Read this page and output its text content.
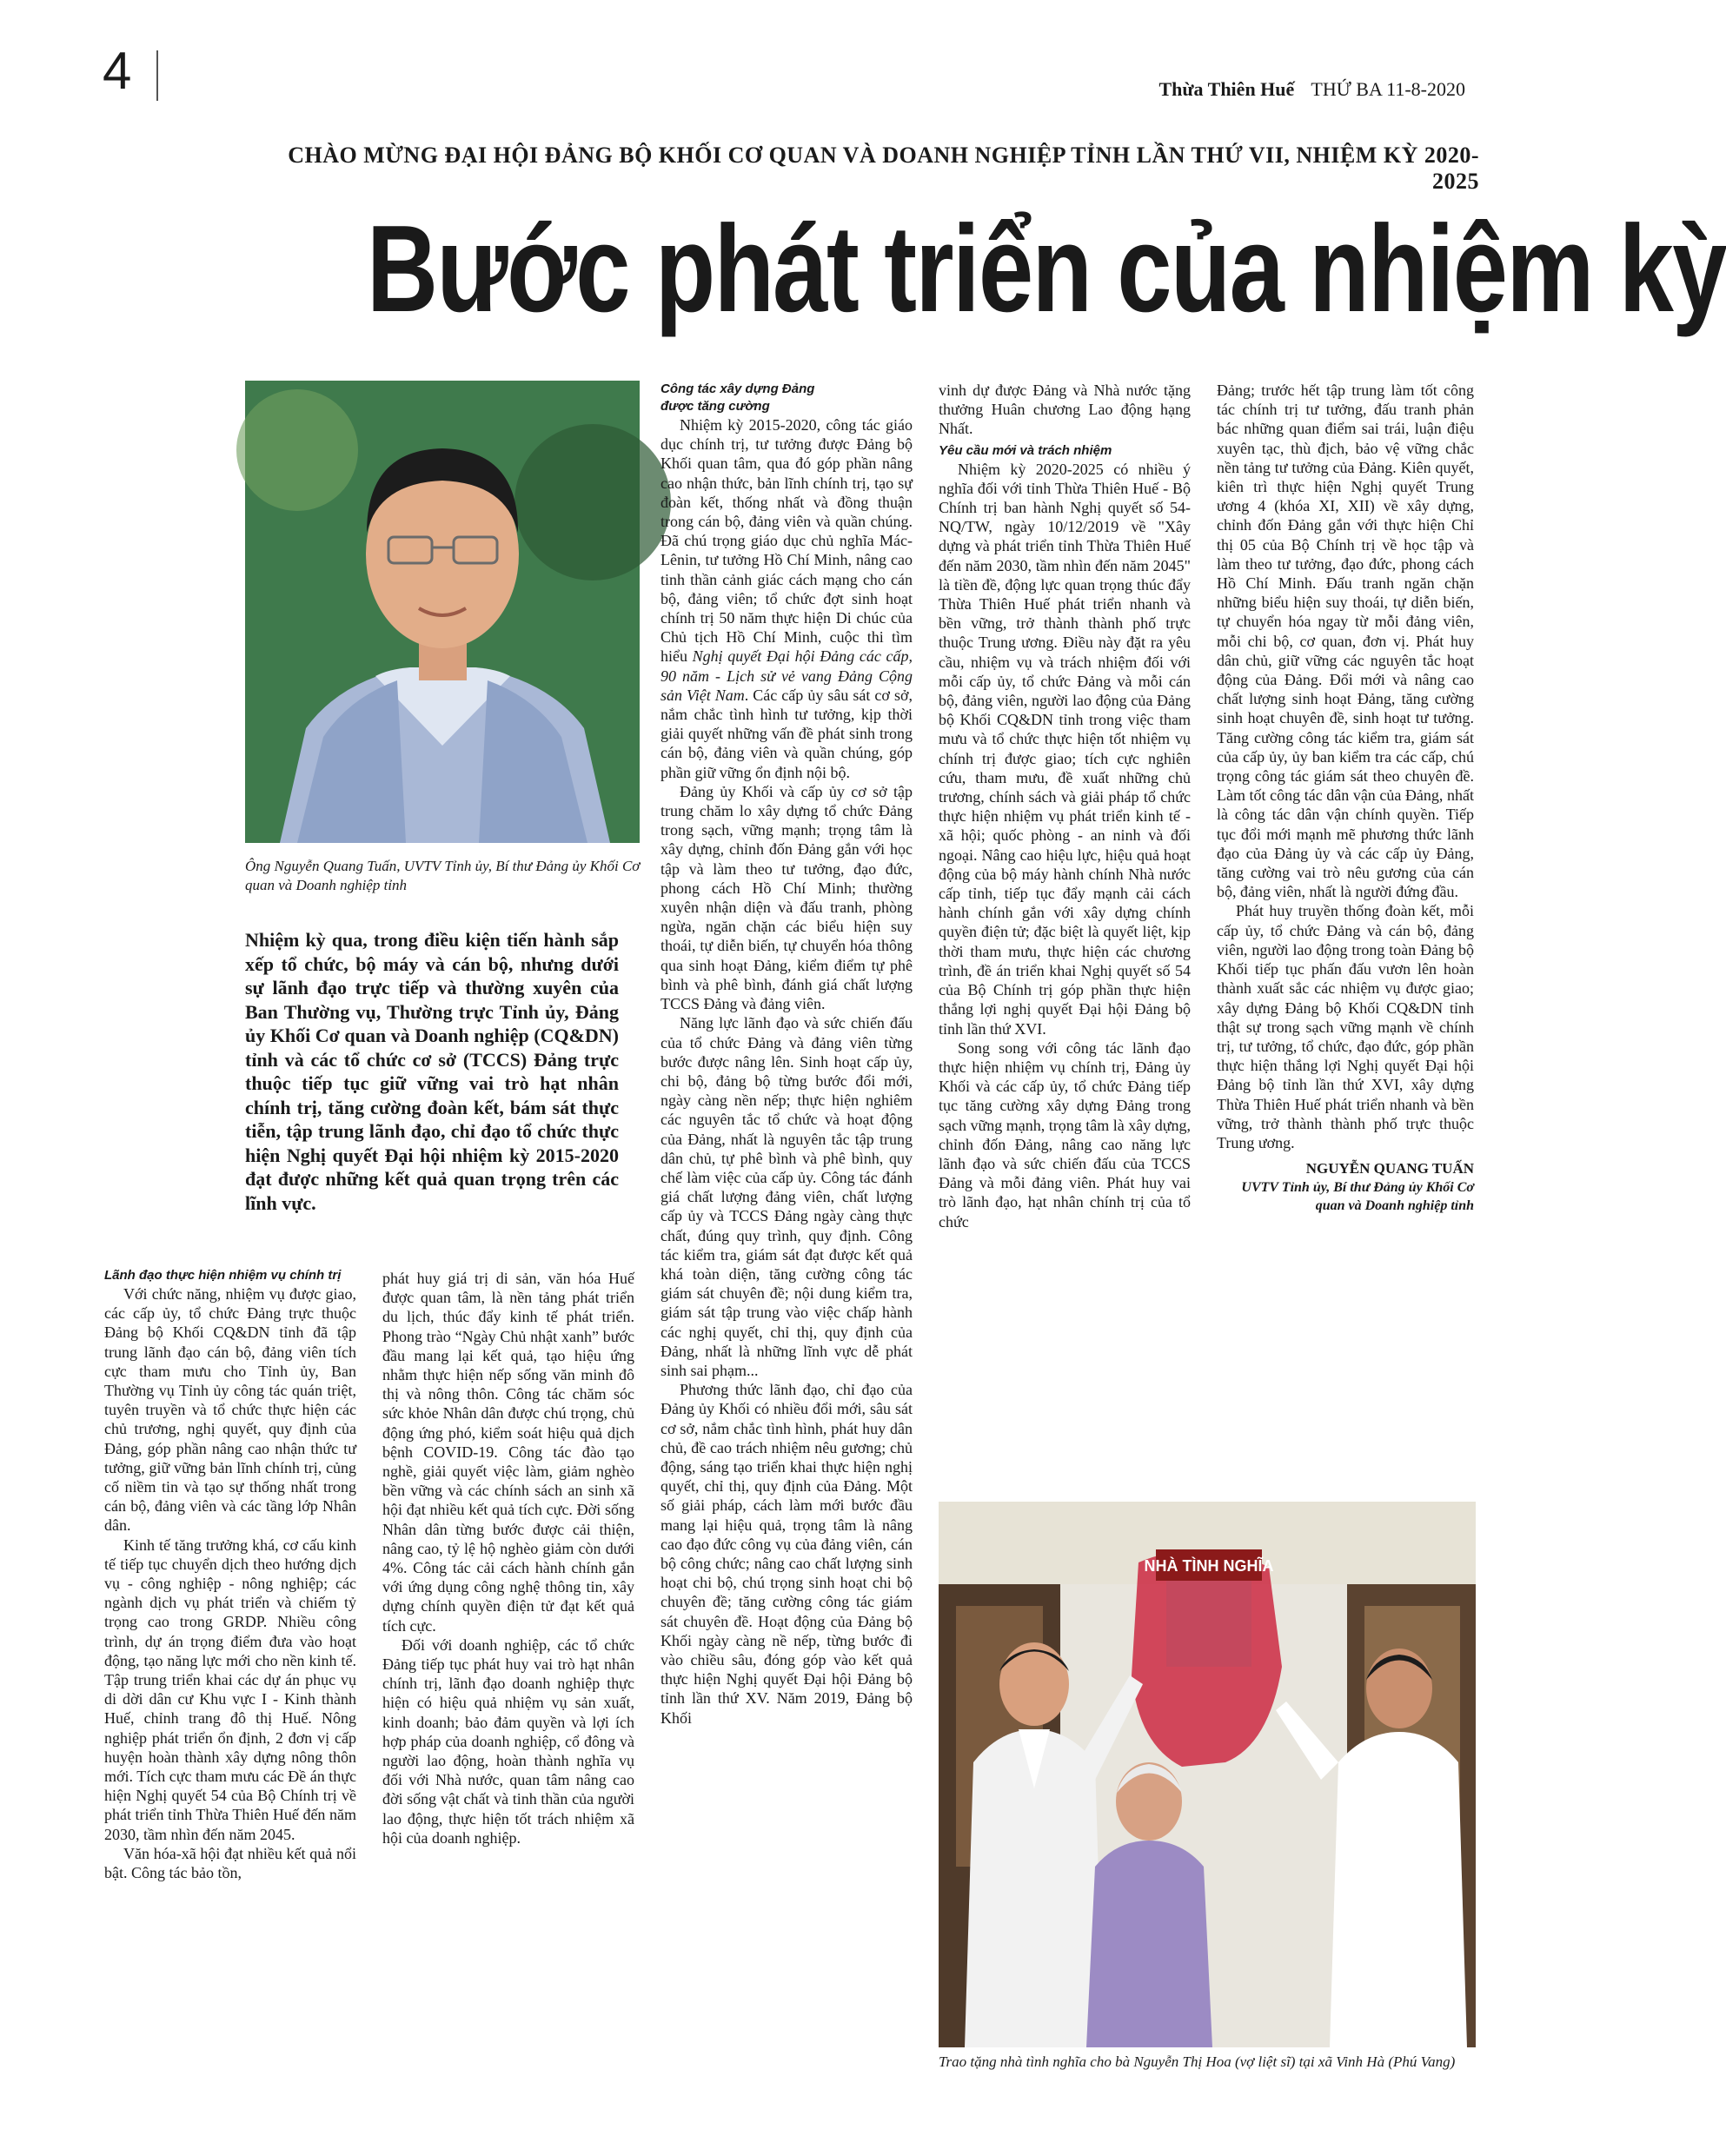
4	Thừa Thiên Huế THỨ BA 11-8-2020
CHÀO MỪNG ĐẠI HỘI ĐẢNG BỘ KHỐI CƠ QUAN VÀ DOANH NGHIỆP TỈNH LẦN THỨ VII, NHIỆM KỲ 2020-2025
Bước phát triển của nhiệm kỳ
Ông Nguyễn Quang Tuấn, UVTV Tỉnh ủy, Bí thư Đảng ủy Khối Cơ quan và Doanh nghiệp tỉnh
Nhiệm kỳ qua, trong điều kiện tiến hành sắp xếp tổ chức, bộ máy và cán bộ, nhưng dưới sự lãnh đạo trực tiếp và thường xuyên của Ban Thường vụ, Thường trực Tỉnh ủy, Đảng ủy Khối Cơ quan và Doanh nghiệp (CQ&DN) tỉnh và các tổ chức cơ sở (TCCS) Đảng trực thuộc tiếp tục giữ vững vai trò hạt nhân chính trị, tăng cường đoàn kết, bám sát thực tiễn, tập trung lãnh đạo, chỉ đạo tổ chức thực hiện Nghị quyết Đại hội nhiệm kỳ 2015-2020 đạt được những kết quả quan trọng trên các lĩnh vực.
Lãnh đạo thực hiện nhiệm vụ chính trị

Với chức năng, nhiệm vụ được giao, các cấp ủy, tổ chức Đảng trực thuộc Đảng bộ Khối CQ&DN tỉnh đã tập trung lãnh đạo cán bộ, đảng viên tích cực tham mưu cho Tỉnh ủy, Ban Thường vụ Tỉnh ủy công tác quán triệt, tuyên truyền và tổ chức thực hiện các chủ trương, nghị quyết, quy định của Đảng, góp phần nâng cao nhận thức tư tưởng, giữ vững bản lĩnh chính trị, củng cố niềm tin và tạo sự thống nhất trong cán bộ, đảng viên và các tầng lớp Nhân dân.

Kinh tế tăng trưởng khá, cơ cấu kinh tế tiếp tục chuyển dịch theo hướng dịch vụ - công nghiệp - nông nghiệp; các ngành dịch vụ phát triển và chiếm tỷ trọng cao trong GRDP. Nhiều công trình, dự án trọng điểm đưa vào hoạt động, tạo năng lực mới cho nền kinh tế. Tập trung triển khai các dự án phục vụ di dời dân cư Khu vực I - Kinh thành Huế, chỉnh trang đô thị Huế. Nông nghiệp phát triển ổn định, 2 đơn vị cấp huyện hoàn thành xây dựng nông thôn mới. Tích cực tham mưu các Đề án thực hiện Nghị quyết 54 của Bộ Chính trị về phát triển tỉnh Thừa Thiên Huế đến năm 2030, tầm nhìn đến năm 2045.

Văn hóa-xã hội đạt nhiều kết quả nổi bật. Công tác bảo tồn,

phát huy giá trị di sản, văn hóa Huế được quan tâm, là nền tảng phát triển du lịch, thúc đẩy kinh tế phát triển. Phong trào “Ngày Chủ nhật xanh” bước đầu mang lại kết quả, tạo hiệu ứng nhằm thực hiện nếp sống văn minh đô thị và nông thôn. Công tác chăm sóc sức khỏe Nhân dân được chú trọng, chủ động ứng phó, kiểm soát hiệu quả dịch bệnh COVID-19. Công tác đào tạo nghề, giải quyết việc làm, giảm nghèo bền vững và các chính sách an sinh xã hội đạt nhiều kết quả tích cực. Đời sống Nhân dân từng bước được cải thiện, nâng cao, tỷ lệ hộ nghèo giảm còn dưới 4%. Công tác cải cách hành chính gắn với ứng dụng công nghệ thông tin, xây dựng chính quyền điện tử đạt kết quả tích cực.

Đối với doanh nghiệp, các tổ chức Đảng tiếp tục phát huy vai trò hạt nhân chính trị, lãnh đạo doanh nghiệp thực hiện có hiệu quả nhiệm vụ sản xuất, kinh doanh; bảo đảm quyền và lợi ích hợp pháp của doanh nghiệp, cổ đông và người lao động, hoàn thành nghĩa vụ đối với Nhà nước, quan tâm nâng cao đời sống vật chất và tinh thần của người lao động, thực hiện tốt trách nhiệm xã hội của doanh nghiệp.

Công tác xây dựng Đảng
được tăng cường

Nhiệm kỳ 2015-2020, công tác giáo dục chính trị, tư tưởng được Đảng bộ Khối quan tâm, qua đó góp phần nâng cao nhận thức, bản lĩnh chính trị, tạo sự đoàn kết, thống nhất và đồng thuận trong cán bộ, đảng viên và quần chúng. Đã chú trọng giáo dục chủ nghĩa Mác-Lênin, tư tưởng Hồ Chí Minh, nâng cao tinh thần cảnh giác cách mạng cho cán bộ, đảng viên; tổ chức đợt sinh hoạt chính trị 50 năm thực hiện Di chúc của Chủ tịch Hồ Chí Minh, cuộc thi tìm hiểu Nghị quyết Đại hội Đảng các cấp, 90 năm - Lịch sử vẻ vang Đảng Cộng sản Việt Nam. Các cấp ủy sâu sát cơ sở, nắm chắc tình hình tư tưởng, kịp thời giải quyết những vấn đề phát sinh trong cán bộ, đảng viên và quần chúng, góp phần giữ vững ổn định nội bộ.

Đảng ủy Khối và cấp ủy cơ sở tập trung chăm lo xây dựng tổ chức Đảng trong sạch, vững mạnh; trọng tâm là xây dựng, chỉnh đốn Đảng gắn với học tập và làm theo tư tưởng, đạo đức, phong cách Hồ Chí Minh; thường xuyên nhận diện và đấu tranh, phòng ngừa, ngăn chặn các biểu hiện suy thoái, tự diễn biến, tự chuyển hóa thông qua sinh hoạt Đảng, kiểm điểm tự phê bình và phê bình, đánh giá chất lượng TCCS Đảng và đảng viên.

Năng lực lãnh đạo và sức chiến đấu của tổ chức Đảng và đảng viên từng bước được nâng lên. Sinh hoạt cấp ủy, chi bộ, đảng bộ từng bước đổi mới, ngày càng nền nếp; thực hiện nghiêm các nguyên tắc tổ chức và hoạt động của Đảng, nhất là nguyên tắc tập trung dân chủ, tự phê bình và phê bình, quy chế làm việc của cấp ủy. Công tác đánh giá chất lượng đảng viên, chất lượng cấp ủy và TCCS Đảng ngày càng thực chất, đúng quy trình, quy định. Công tác kiểm tra, giám sát đạt được kết quả khá toàn diện, tăng cường công tác giám sát chuyên đề; nội dung kiểm tra, giám sát tập trung vào việc chấp hành các nghị quyết, chỉ thị, quy định của Đảng, nhất là những lĩnh vực dễ phát sinh sai phạm...

Phương thức lãnh đạo, chỉ đạo của Đảng ủy Khối có nhiều đổi mới, sâu sát cơ sở, nắm chắc tình hình, phát huy dân chủ, đề cao trách nhiệm nêu gương; chủ động, sáng tạo triển khai thực hiện nghị quyết, chỉ thị, quy định của Đảng. Một số giải pháp, cách làm mới bước đầu mang lại hiệu quả, trọng tâm là nâng cao đạo đức công vụ của đảng viên, cán bộ công chức; nâng cao chất lượng sinh hoạt chi bộ, chú trọng sinh hoạt chi bộ chuyên đề; tăng cường công tác giám sát chuyên đề. Hoạt động của Đảng bộ Khối ngày càng nề nếp, từng bước đi vào chiều sâu, đóng góp vào kết quả thực hiện Nghị quyết Đại hội Đảng bộ tỉnh lần thứ XV. Năm 2019, Đảng bộ Khối

vinh dự được Đảng và Nhà nước tặng thưởng Huân chương Lao động hạng Nhất.

Yêu cầu mới và trách nhiệm

Nhiệm kỳ 2020-2025 có nhiều ý nghĩa đối với tỉnh Thừa Thiên Huế - Bộ Chính trị ban hành Nghị quyết số 54-NQ/TW, ngày 10/12/2019 về "Xây dựng và phát triển tỉnh Thừa Thiên Huế đến năm 2030, tầm nhìn đến năm 2045" là tiền đề, động lực quan trọng thúc đẩy Thừa Thiên Huế phát triển nhanh và bền vững, trở thành thành phố trực thuộc Trung ương. Điều này đặt ra yêu cầu, nhiệm vụ và trách nhiệm đối với mỗi cấp ủy, tổ chức Đảng và mỗi cán bộ, đảng viên, người lao động của Đảng bộ Khối CQ&DN tỉnh trong việc tham mưu và tổ chức thực hiện tốt nhiệm vụ chính trị được giao; tích cực nghiên cứu, tham mưu, đề xuất những chủ trương, chính sách và giải pháp tổ chức thực hiện nhiệm vụ phát triển kinh tế - xã hội; quốc phòng - an ninh và đối ngoại. Nâng cao hiệu lực, hiệu quả hoạt động của bộ máy hành chính Nhà nước cấp tỉnh, tiếp tục đẩy mạnh cải cách hành chính gắn với xây dựng chính quyền điện tử; đặc biệt là quyết liệt, kịp thời tham mưu, thực hiện các chương trình, đề án triển khai Nghị quyết số 54 của Bộ Chính trị góp phần thực hiện thắng lợi nghị quyết Đại hội Đảng bộ tỉnh lần thứ XVI.

Song song với công tác lãnh đạo thực hiện nhiệm vụ chính trị, Đảng ủy Khối và các cấp ủy, tổ chức Đảng tiếp tục tăng cường xây dựng Đảng trong sạch vững mạnh, trọng tâm là xây dựng, chỉnh đốn Đảng, nâng cao năng lực lãnh đạo và sức chiến đấu của TCCS Đảng và mỗi đảng viên. Phát huy vai trò lãnh đạo, hạt nhân chính trị của tổ chức

Đảng; trước hết tập trung làm tốt công tác chính trị tư tưởng, đấu tranh phản bác những quan điểm sai trái, luận điệu xuyên tạc, thù địch, bảo vệ vững chắc nền tảng tư tưởng của Đảng. Kiên quyết, kiên trì thực hiện Nghị quyết Trung ương 4 (khóa XI, XII) về xây dựng, chỉnh đốn Đảng gắn với thực hiện Chỉ thị 05 của Bộ Chính trị về học tập và làm theo tư tưởng, đạo đức, phong cách Hồ Chí Minh. Đấu tranh ngăn chặn những biểu hiện suy thoái, tự diễn biến, tự chuyển hóa ngay từ mỗi đảng viên, mỗi chi bộ, cơ quan, đơn vị. Phát huy dân chủ, giữ vững các nguyên tắc hoạt động của Đảng. Đổi mới và nâng cao chất lượng sinh hoạt Đảng, tăng cường sinh hoạt chuyên đề, sinh hoạt tư tưởng. Tăng cường công tác kiểm tra, giám sát của cấp ủy, ủy ban kiểm tra các cấp, chú trọng công tác giám sát theo chuyên đề. Làm tốt công tác dân vận của Đảng, nhất là công tác dân vận chính quyền. Tiếp tục đổi mới mạnh mẽ phương thức lãnh đạo của Đảng ủy và các cấp ủy Đảng, tăng cường vai trò nêu gương của cán bộ, đảng viên, nhất là người đứng đầu.

Phát huy truyền thống đoàn kết, mỗi cấp ủy, tổ chức Đảng và cán bộ, đảng viên, người lao động trong toàn Đảng bộ Khối tiếp tục phấn đấu vươn lên hoàn thành xuất sắc các nhiệm vụ được giao; xây dựng Đảng bộ Khối CQ&DN tỉnh thật sự trong sạch vững mạnh về chính trị, tư tưởng, tổ chức, đạo đức, góp phần thực hiện thắng lợi Nghị quyết Đại hội Đảng bộ tỉnh lần thứ XVI, xây dựng Thừa Thiên Huế phát triển nhanh và bền vững, trở thành thành phố trực thuộc Trung ương.

NGUYỄN QUANG TUẤN
UVTV Tỉnh ủy, Bí thư Đảng ủy Khối Cơ quan và Doanh nghiệp tỉnh
NHÀ TÌNH NGHĨA
Trao tặng nhà tình nghĩa cho bà Nguyễn Thị Hoa (vợ liệt sĩ) tại xã Vinh Hà (Phú Vang)
